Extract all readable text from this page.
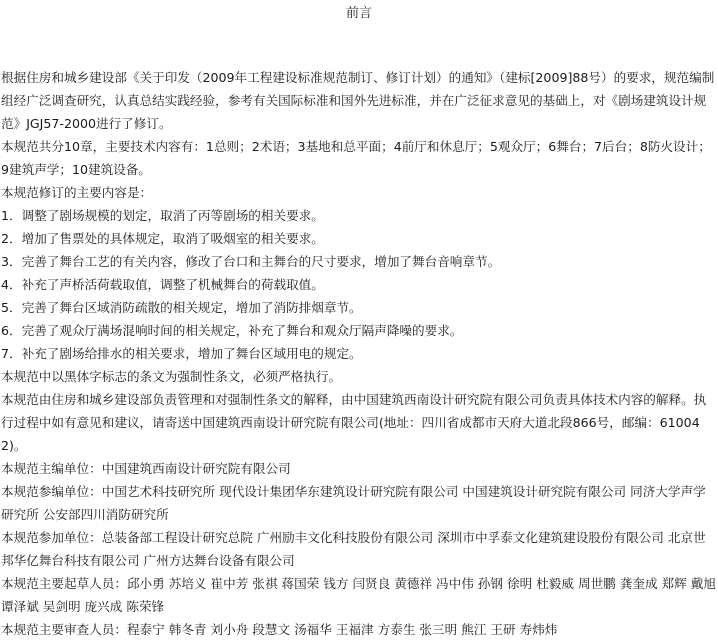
前言

根据住房和城乡建设部《关于印发（2009年工程建设标准规范制订、修订计划）的通知》（建标[2009]88号）的要求，规范编制组经广泛调查研究，认真总结实践经验，参考有关国际标准和国外先进标准，并在广泛征求意见的基础上，对《剧场建筑设计规范》JGJ57-2000进行了修订。

本规范共分10章，主要技术内容有：1总则；2术语；3基地和总平面；4前厅和休息厅；5观众厅；6舞台；7后台；8防火设计；9建筑声学；10建筑设备。

本规范修订的主要内容是：

1．调整了剧场规模的划定，取消了丙等剧场的相关要求。

2．增加了售票处的具体规定，取消了吸烟室的相关要求。

3．完善了舞台工艺的有关内容，修改了台口和主舞台的尺寸要求，增加了舞台音响章节。

4．补充了声桥活荷载取值，调整了机械舞台的荷载取值。

5．完善了舞台区域消防疏散的相关规定，增加了消防排烟章节。

6．完善了观众厅满场混响时间的相关规定，补充了舞台和观众厅隔声降噪的要求。

7．补充了剧场给排水的相关要求，增加了舞台区域用电的规定。

本规范中以黑体字标志的条文为强制性条文，必须严格执行。

本规范由住房和城乡建设部负责管理和对强制性条文的解释，由中国建筑西南设计研究院有限公司负责具体技术内容的解释。执行过程中如有意见和建议，请寄送中国建筑西南设计研究院有限公司(地址：四川省成都市天府大道北段866号，邮编：610042)。

本规范主编单位：中国建筑西南设计研究院有限公司

本规范参编单位：中国艺术科技研究所 现代设计集团华东建筑设计研究院有限公司 中国建筑设计研究院有限公司 同济大学声学研究所 公安部四川消防研究所

本规范参加单位：总装备部工程设计研究总院 广州励丰文化科技股份有限公司 深圳市中孚泰文化建筑建设股份有限公司 北京世邦华亿舞台科技有限公司 广州方达舞台设备有限公司

本规范主要起草人员：邱小勇 苏培义 崔中芳 张祺 蒋国荣 钱方 闫贤良 黄德祥 冯中伟 孙钢 徐明 杜毅威 周世鹏 龚奎成 郑辉 戴旭 谭泽斌 吴剑明 庞兴成 陈荣锋

本规范主要审查人员：程泰宁 韩冬青 刘小舟 段慧文 汤福华 王福津 方泰生 张三明 熊江 王研 寿炜炜
